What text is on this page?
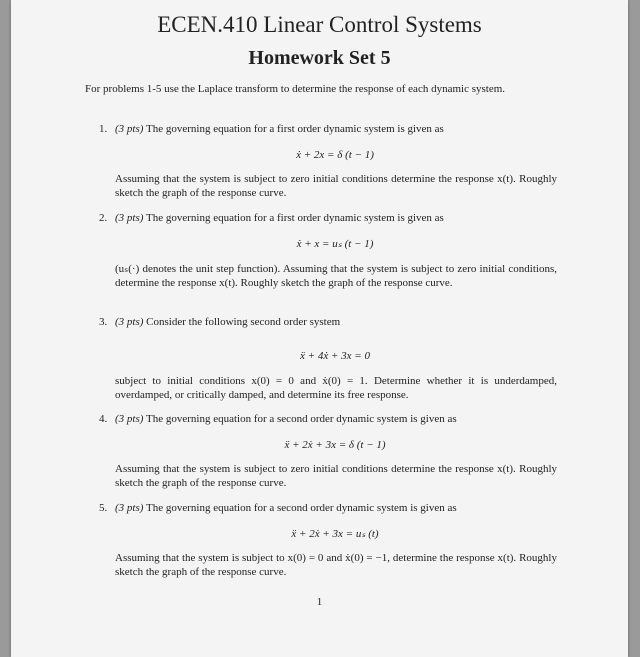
ECEN.410 Linear Control Systems
Homework Set 5
For problems 1-5 use the Laplace transform to determine the response of each dynamic system.
1. (3 pts) The governing equation for a first order dynamic system is given as
ẋ + 2x = δ (t − 1)
Assuming that the system is subject to zero initial conditions determine the response x(t). Roughly sketch the graph of the response curve.
2. (3 pts) The governing equation for a first order dynamic system is given as
ẋ + x = uₛ (t − 1)
(uₛ(·) denotes the unit step function). Assuming that the system is subject to zero initial conditions, determine the response x(t). Roughly sketch the graph of the response curve.
3. (3 pts) Consider the following second order system
ẍ + 4ẋ + 3x = 0
subject to initial conditions x(0) = 0 and ẋ(0) = 1. Determine whether it is underdamped, overdamped, or critically damped, and determine its free response.
4. (3 pts) The governing equation for a second order dynamic system is given as
ẍ + 2ẋ + 3x = δ (t − 1)
Assuming that the system is subject to zero initial conditions determine the response x(t). Roughly sketch the graph of the response curve.
5. (3 pts) The governing equation for a second order dynamic system is given as
ẍ + 2ẋ + 3x = uₛ (t)
Assuming that the system is subject to x(0) = 0 and ẋ(0) = −1, determine the response x(t). Roughly sketch the graph of the response curve.
1
